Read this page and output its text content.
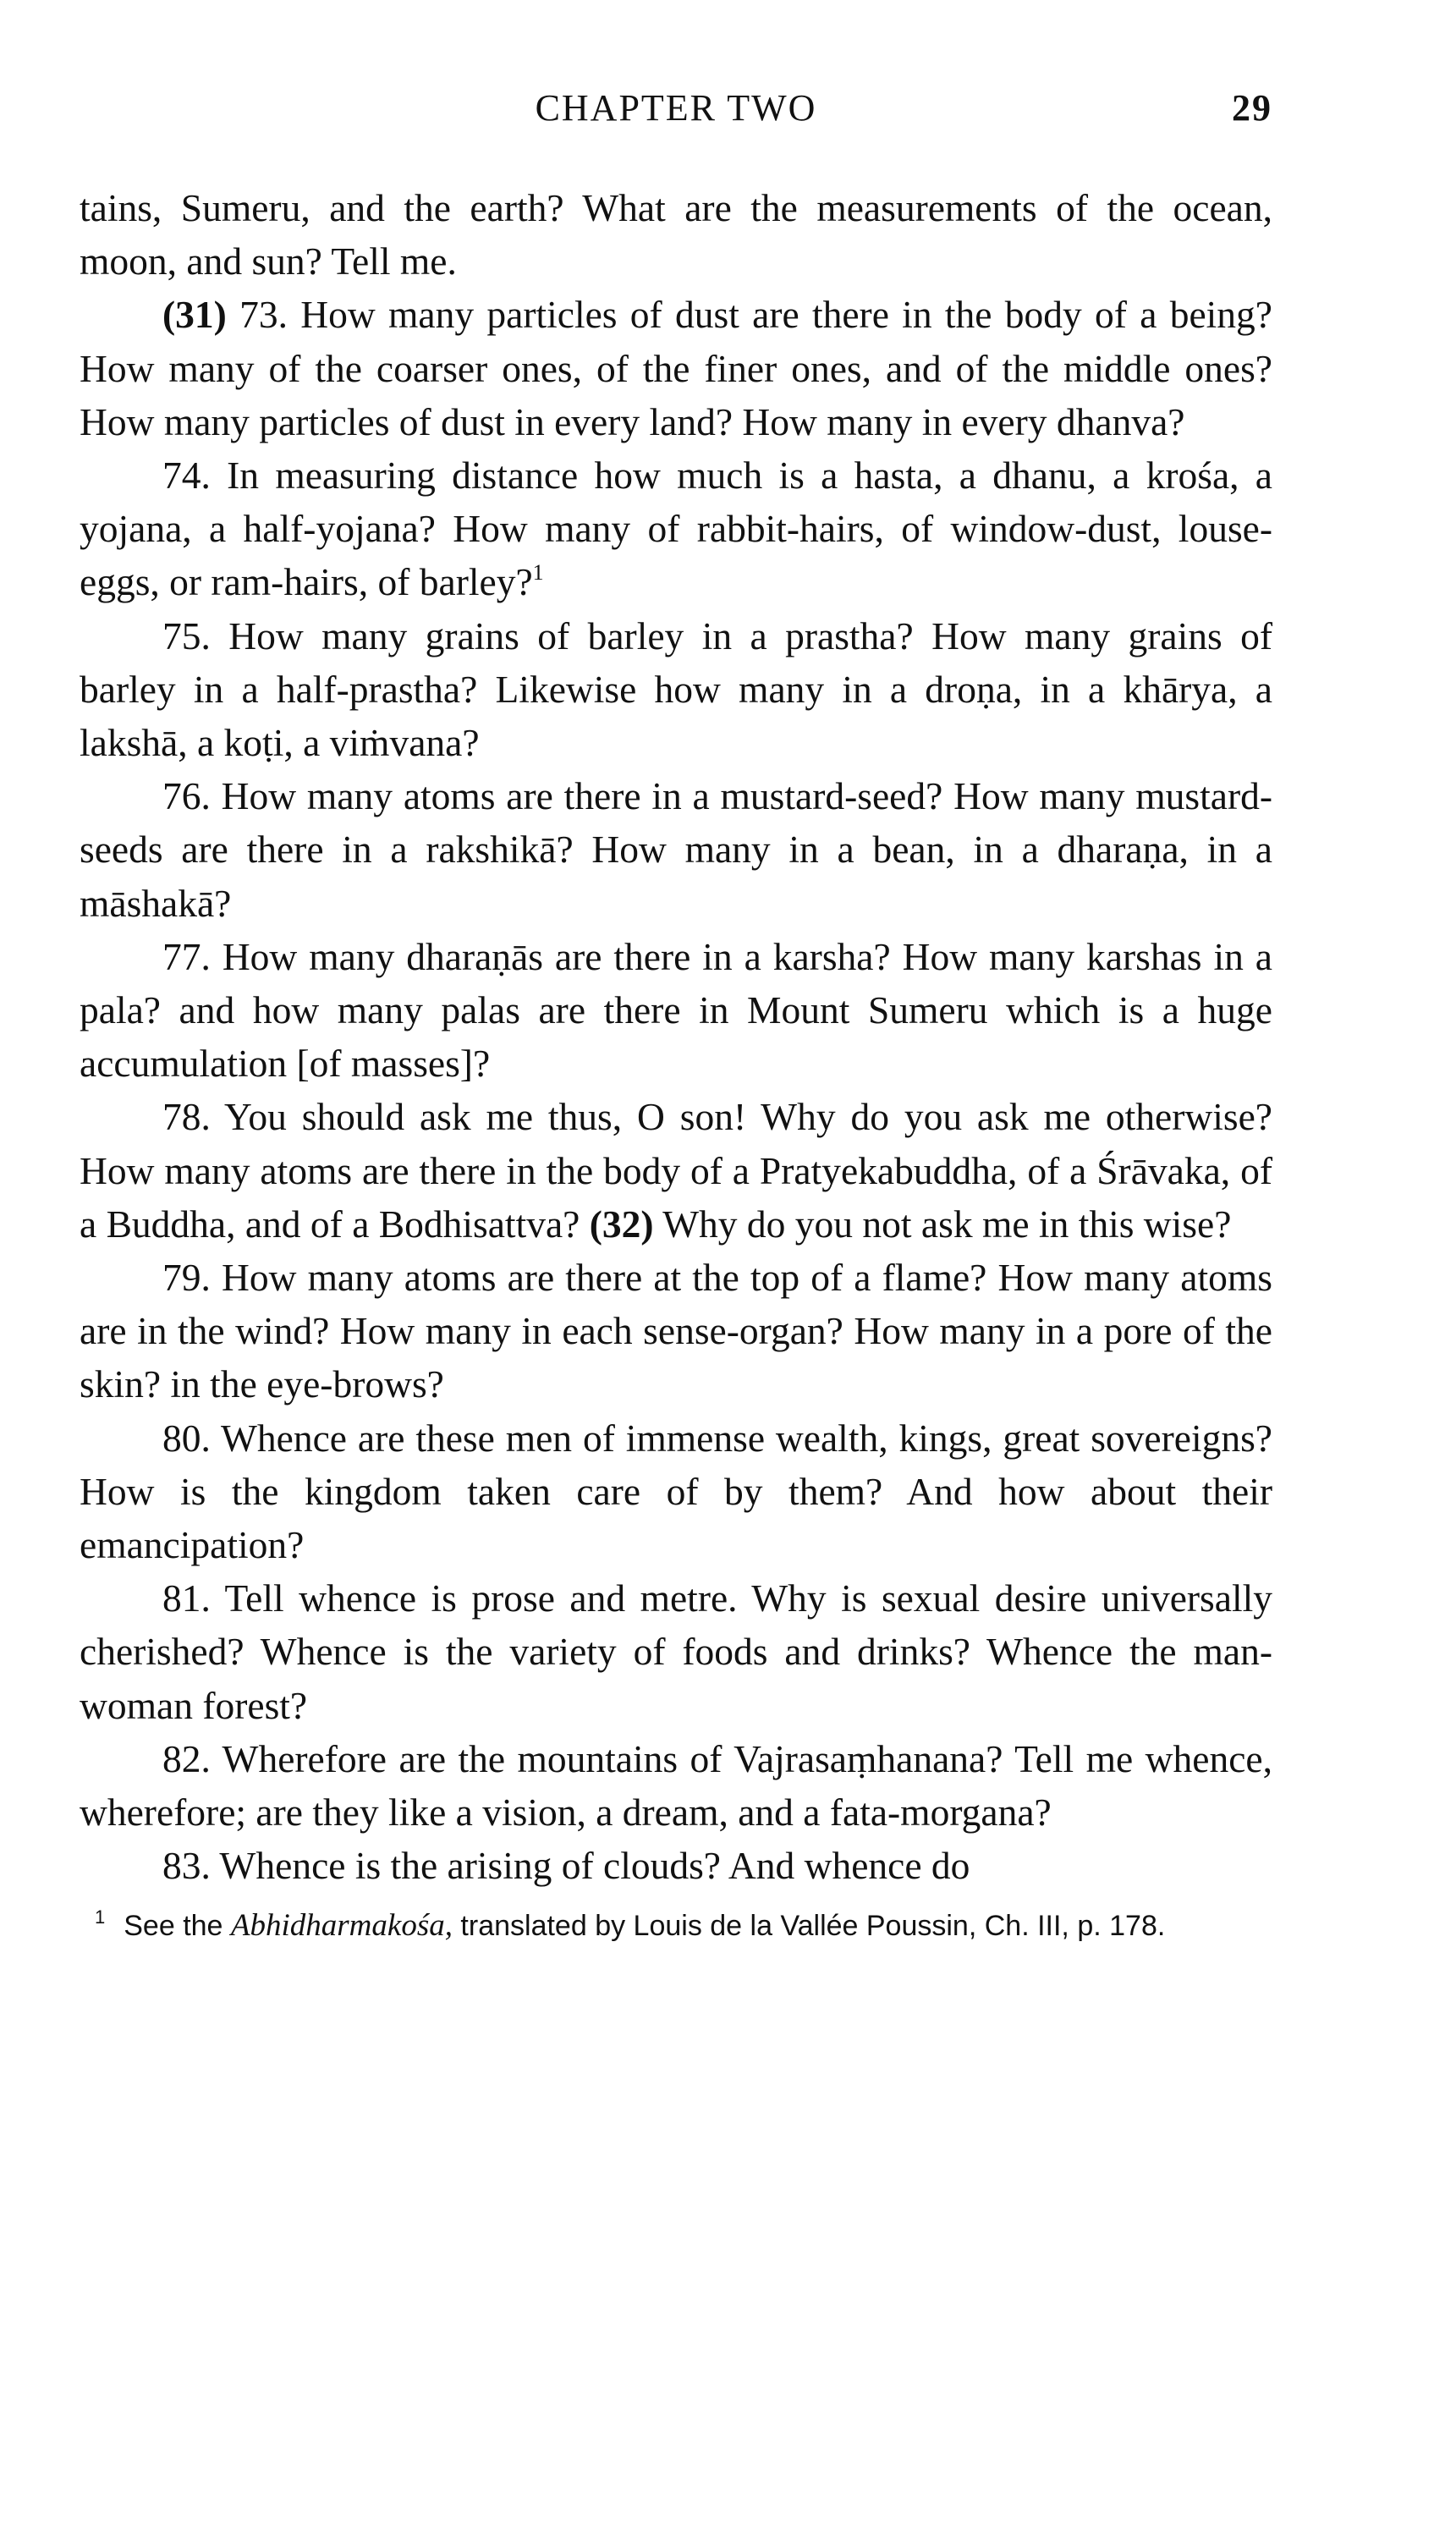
CHAPTER TWO	29

tains, Sumeru, and the earth? What are the measurements of the ocean, moon, and sun? Tell me.

(31) 73. How many particles of dust are there in the body of a being? How many of the coarser ones, of the finer ones, and of the middle ones? How many particles of dust in every land? How many in every dhanva?

74. In measuring distance how much is a hasta, a dhanu, a krośa, a yojana, a half-yojana? How many of rabbit-hairs, of window-dust, louse-eggs, or ram-hairs, of barley?$^1$

75. How many grains of barley in a prastha? How many grains of barley in a half-prastha? Likewise how many in a droṇa, in a khārya, a lakshā, a koṭi, a viṁvana?

76. How many atoms are there in a mustard-seed? How many mustard-seeds are there in a rakshikā? How many in a bean, in a dharaṇa, in a māshakā?

77. How many dharaṇās are there in a karsha? How many karshas in a pala? and how many palas are there in Mount Sumeru which is a huge accumulation [of masses]?

78. You should ask me thus, O son! Why do you ask me otherwise? How many atoms are there in the body of a Pratyekabuddha, of a Śrāvaka, of a Buddha, and of a Bodhisattva? (32) Why do you not ask me in this wise?

79. How many atoms are there at the top of a flame? How many atoms are in the wind? How many in each sense-organ? How many in a pore of the skin? in the eye-brows?

80. Whence are these men of immense wealth, kings, great sovereigns? How is the kingdom taken care of by them? And how about their emancipation?

81. Tell whence is prose and metre. Why is sexual desire universally cherished? Whence is the variety of foods and drinks? Whence the man-woman forest?

82. Wherefore are the mountains of Vajrasaṃhanana? Tell me whence, wherefore; are they like a vision, a dream, and a fata-morgana?

83. Whence is the arising of clouds? And whence do

$^1$ See the Abhidharmakośa, translated by Louis de la Vallée Poussin, Ch. III, p. 178.
